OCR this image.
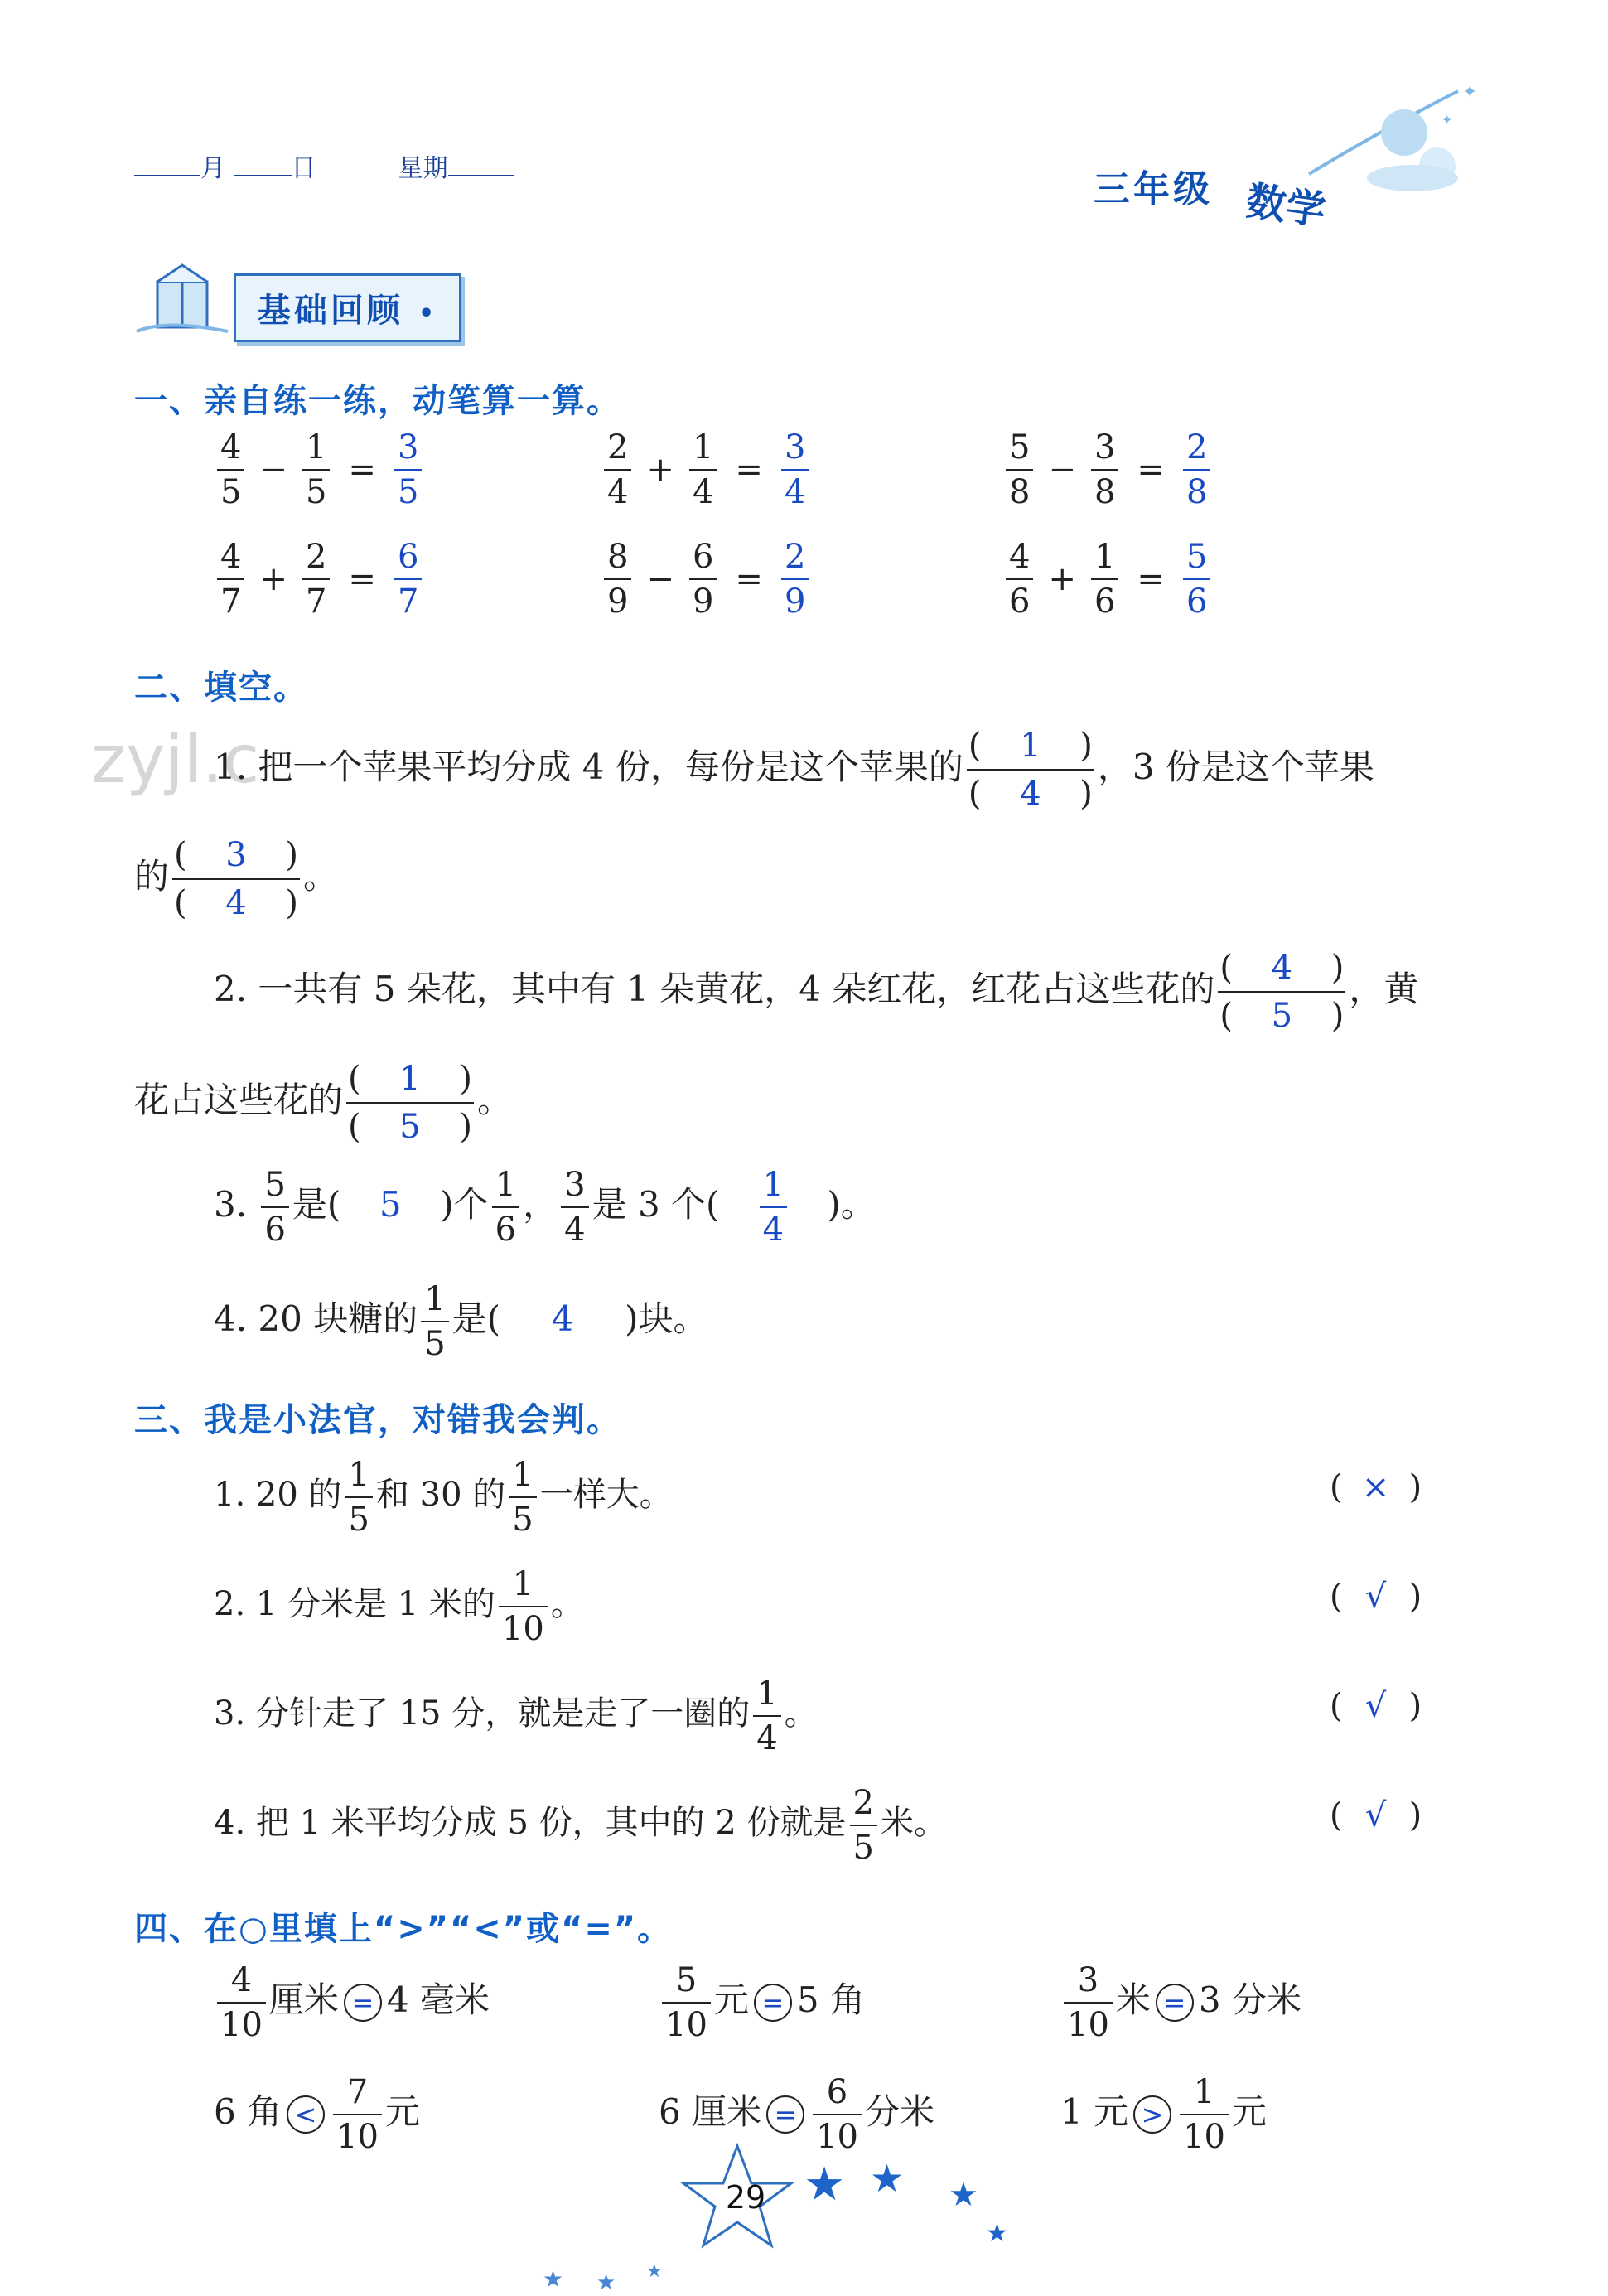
月	日	星期	三年级 数学
✦
✦
zyjl.c
基础回顾 •
一、亲自练一练，动笔算一算。
$\frac{4}{5} - \frac{1}{5} = \frac{3}{5}$	$\frac{2}{4} + \frac{1}{4} = \frac{3}{4}$	$\frac{5}{8} - \frac{3}{8} = \frac{2}{8}$
$\frac{4}{7} + \frac{2}{7} = \frac{6}{7}$	$\frac{8}{9} - \frac{6}{9} = \frac{2}{9}$	$\frac{4}{6} + \frac{1}{6} = \frac{5}{6}$
二、填空。
1. 把一个苹果平均分成 4 份，每份是这个苹果的 (	1	)
(	4	) ，3 份是这个苹果
的 (	3	)
(	4	) 。
2. 一共有 5 朵花，其中有 1 朵黄花，4 朵红花，红花占这些花的 (	4	)
(	5	) ，黄
花占这些花的 (	1	)
(	5	) 。
3. $\frac{5}{6}$ 是( 5 )个 $\frac{1}{6}$ ， $\frac{3}{4}$ 是 3 个( $\frac{1}{4}$ )。
4. 20 块糖的 $\frac{1}{5}$ 是( 4 )块。
三、我是小法官，对错我会判。
1. 20 的 $\frac{1}{5}$ 和 30 的 $\frac{1}{5}$ 一样大。	( × )
2. 1 分米是 1 米的 $\frac{1}{10}$ 。	( √ )
3. 分针走了 15 分，就是走了一圈的 $\frac{1}{4}$ 。	( √ )
4. 把 1 米平均分成 5 份，其中的 2 份就是 $\frac{2}{5}$ 米。	( √ )
四、在○里填上“>”“<”或“=”。
$\frac{4}{10}$ 厘米 = 4 毫米	$\frac{5}{10}$ 元 = 5 角	$\frac{3}{10}$ 米 = 3 分米
6 角 < $\frac{7}{10}$ 元	6 厘米 = $\frac{6}{10}$ 分米	1 元 > $\frac{1}{10}$ 元
★ ★ ★
★
★ ★ ★
29
